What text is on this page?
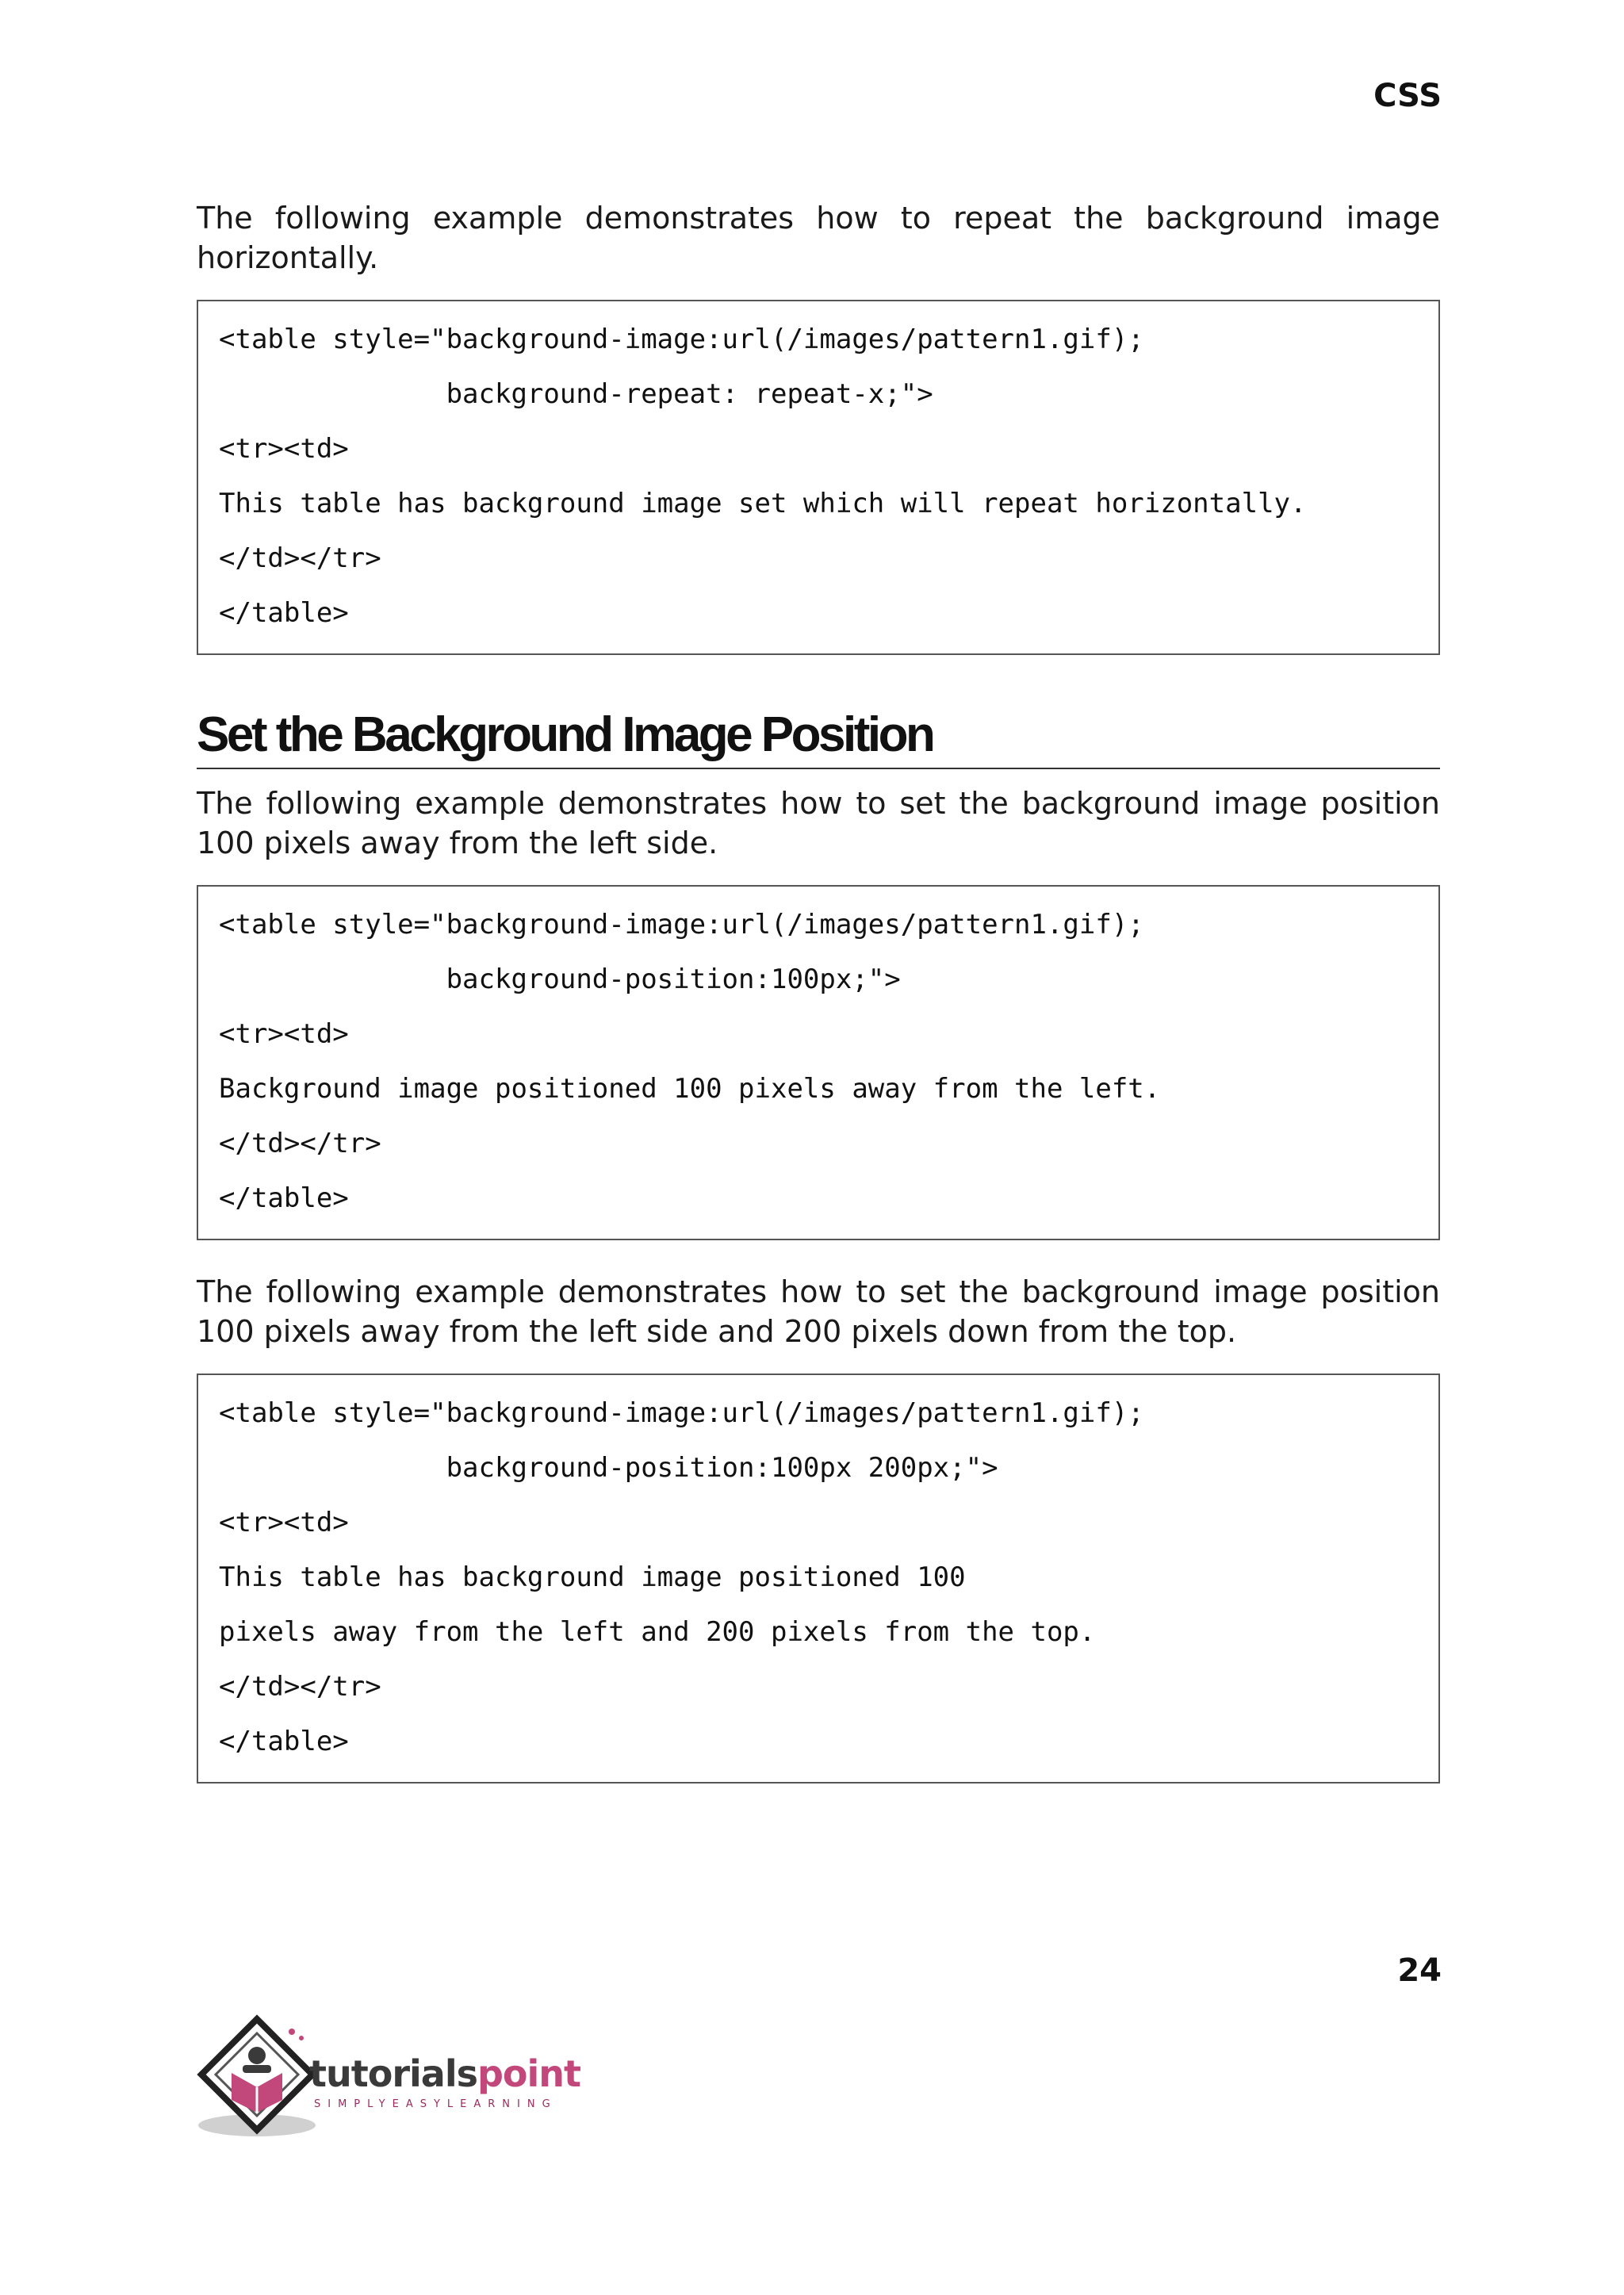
CSS

The following example demonstrates how to repeat the background image horizontally.

<table style="background-image:url(/images/pattern1.gif);
background-repeat: repeat-x;">
<tr><td>
This table has background image set which will repeat horizontally.
</td></tr>
</table>
Set the Background Image Position

The following example demonstrates how to set the background image position 100 pixels away from the left side.

<table style="background-image:url(/images/pattern1.gif);
background-position:100px;">
<tr><td>
Background image positioned 100 pixels away from the left.
</td></tr>
</table>

The following example demonstrates how to set the background image position 100 pixels away from the left side and 200 pixels down from the top.

<table style="background-image:url(/images/pattern1.gif);
background-position:100px 200px;">
<tr><td>
This table has background image positioned 100
pixels away from the left and 200 pixels from the top.
</td></tr>
</table>
24
tutorialspoint
SIMPLYEASYLEARNING
